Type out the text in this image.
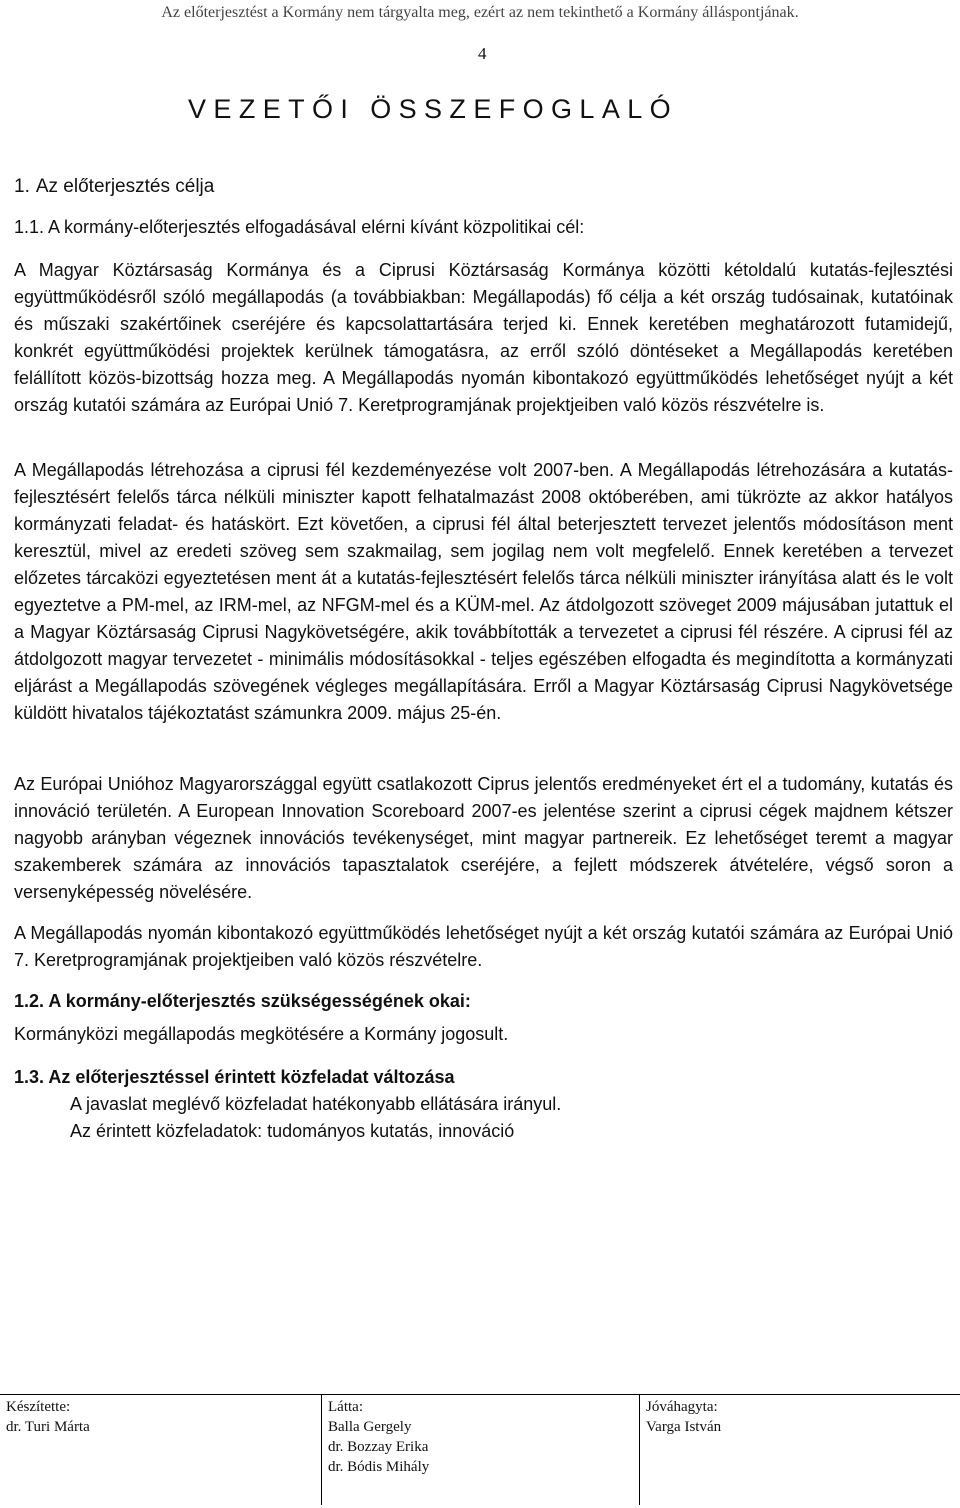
Az előterjesztést a Kormány nem tárgyalta meg, ezért az nem tekinthető a Kormány álláspontjának.
4
VEZETŐI ÖSSZEFOGLALÓ
1. Az előterjesztés célja

1.1. A kormány-előterjesztés elfogadásával elérni kívánt közpolitikai cél:

A Magyar Köztársaság Kormánya és a Ciprusi Köztársaság Kormánya közötti kétoldalú kutatás-fejlesztési együttműködésről szóló megállapodás (a továbbiakban: Megállapodás) fő célja a két ország tudósainak, kutatóinak és műszaki szakértőinek cseréjére és kapcsolattartására terjed ki. Ennek keretében meghatározott futamidejű, konkrét együttműködési projektek kerülnek támogatásra, az erről szóló döntéseket a Megállapodás keretében felállított közös-bizottság hozza meg. A Megállapodás nyomán kibontakozó együttműködés lehetőséget nyújt a két ország kutatói számára az Európai Unió 7. Keretprogramjának projektjeiben való közös részvételre is.

A Megállapodás létrehozása a ciprusi fél kezdeményezése volt 2007-ben. A Megállapodás létrehozására a kutatás-fejlesztésért felelős tárca nélküli miniszter kapott felhatalmazást 2008 októberében, ami tükrözte az akkor hatályos kormányzati feladat- és hatáskört. Ezt követően, a ciprusi fél által beterjesztett tervezet jelentős módosításon ment keresztül, mivel az eredeti szöveg sem szakmailag, sem jogilag nem volt megfelelő. Ennek keretében a tervezet előzetes tárcaközi egyeztetésen ment át a kutatás-fejlesztésért felelős tárca nélküli miniszter irányítása alatt és le volt egyeztetve a PM-mel, az IRM-mel, az NFGM-mel és a KÜM-mel. Az átdolgozott szöveget 2009 májusában jutattuk el a Magyar Köztársaság Ciprusi Nagykövetségére, akik továbbították a tervezetet a ciprusi fél részére. A ciprusi fél az átdolgozott magyar tervezetet - minimális módosításokkal - teljes egészében elfogadta és megindította a kormányzati eljárást a Megállapodás szövegének végleges megállapítására. Erről a Magyar Köztársaság Ciprusi Nagykövetsége küldött hivatalos tájékoztatást számunkra 2009. május 25-én.

Az Európai Unióhoz Magyarországgal együtt csatlakozott Ciprus jelentős eredményeket ért el a tudomány, kutatás és innováció területén. A European Innovation Scoreboard 2007-es jelentése szerint a ciprusi cégek majdnem kétszer nagyobb arányban végeznek innovációs tevékenységet, mint magyar partnereik. Ez lehetőséget teremt a magyar szakemberek számára az innovációs tapasztalatok cseréjére, a fejlett módszerek átvételére, végső soron a versenyképesség növelésére.

A Megállapodás nyomán kibontakozó együttműködés lehetőséget nyújt a két ország kutatói számára az Európai Unió 7. Keretprogramjának projektjeiben való közös részvételre.

1.2. A kormány-előterjesztés szükségességének okai:

Kormányközi megállapodás megkötésére a Kormány jogosult.

1.3. Az előterjesztéssel érintett közfeladat változása

A javaslat meglévő közfeladat hatékonyabb ellátására irányul.

Az érintett közfeladatok: tudományos kutatás, innováció

Készítette:
dr. Turi Márta
Látta:
Balla Gergely
dr. Bozzay Erika
dr. Bódis Mihály
Jóváhagyta:
Varga István
